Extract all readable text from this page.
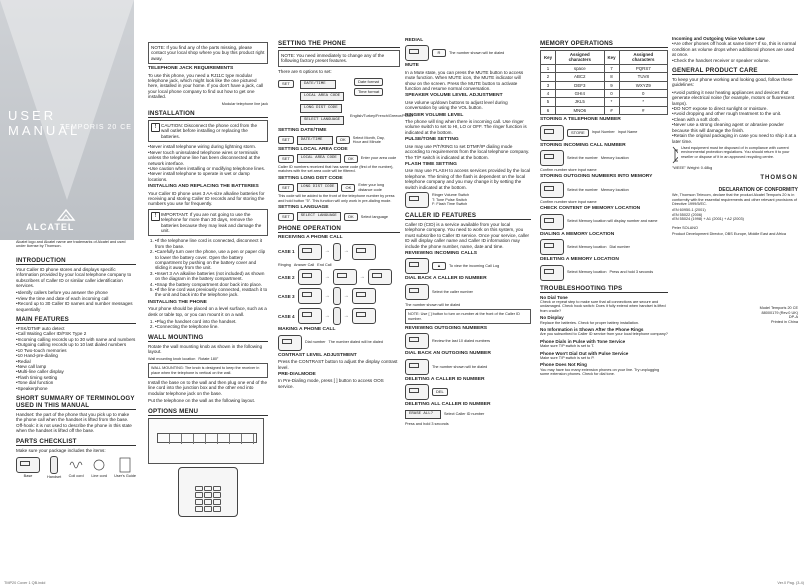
USER MANUAL
TEMPORIS 20 CE
ALCATEL

Alcatel logo and Alcatel name are trademarks of Alcatel and used under license by Thomson.

INTRODUCTION

Your Caller ID phone stores and displays specific information provided by your local telephone company to subscribers of Caller ID or similar caller identification services.

• Identify callers before you answer the phone
• View the time and date of each incoming call
• Record up to 30 Caller ID names and number messages sequentially
MAIN FEATURES
• FSK/DTMF auto detect
• Call Waiting Caller ID/FSK Type 2
• Incoming calling records up to 30 with name and numbers
• Outgoing calling records up to 10 last dialed numbers
• 10 Two-touch memories
• 10 Hand-pre-dialing
• Redial
• New call lamp
• Multi-line caller display
• Flash timing setting
• Tone dial function
• Speakerphone
SHORT SUMMARY OF TERMINOLOGY USED IN THIS MANUAL

Handset: the part of the phone that you pick up to make the phone call when the handset is lifted from the base. Off-hook: it is not used to describe the phone in this state when the handset is lifted off the base.

PARTS CHECKLIST

Make sure your package includes the items:

Base	Handset Coil cord Line cord User's Guide
NOTE: If you find any of the parts missing, please contact your local shop where you buy this product right away.
TELEPHONE JACK REQUIREMENTS

To use this phone, you need a RJ11C type modular telephone jack, which might look like the one pictured here, installed in your home. If you don't have a jack, call your local phone company to find out how to get one installed.

Modular telephone line jack

INSTALLATION
! CAUTION: Disconnect the phone cord from the wall outlet before installing or replacing the batteries.
• Never install telephone wiring during lightning storm.
• Never touch uninsulated telephone wires or terminals unless the telephone line has been disconnected at the network interface.
• Use caution when installing or modifying telephone lines.
• Never install telephone to operate in wet or damp locations.
INSTALLING AND REPLACING THE BATTERIES

Your Caller ID phone uses 3 AA-size alkaline batteries for receiving and storing Caller ID records and for storing the numbers you use for frequently.

! IMPORTANT: If you are not going to use the telephone for more than 30 days, remove the batteries because they may leak and damage the unit.
• 1. If the telephone line cord is connected, disconnect it from the base.
• 2. Carefully turn over the phone, use a pen or paper clip to lower the battery cover. Open the battery compartment by pushing on the battery cover and sliding it away from the unit.
• 3. Insert 3 AA alkaline batteries (not included) as shown on the diagram in the battery compartment.
• 4. Snap the battery compartment door back into place.
• 5. If the line cord was previously connected, reattach it to the unit and back into the telephone jack.
INSTALLING THE PHONE

Your phone should be placed on a level surface, such as a desk or table top, or you can mount it on a wall.

• 1. Plug the handset cord into the handset.
• 2. Connecting the telephone line.
WALL MOUNTING

Rotate the wall mounting knob as shown in the following layout.

Wall mounting knob location Rotate 180°
WALL MOUNTING: The knob is designed to keep the receiver in place when the telephone is vertical on the wall.

Install the base on to the wall and then plug one end of the line cord into the junction box and the other end into modular telephone jack on the base.

Put the telephone on the wall as the following layout.

OPTIONS MENU
SETTING THE PHONE
NOTE: You need immediately to change any of the following factory preset features.

There are 6 options to set:

SET	DATE/TIME
LOCAL AREA CODE
LONG DIST CODE
SELECT LANGUAGE
Date format
Time format
English/Turkey/French/Greece/Polish
SETTING DATE/TIME
SET	DATE/TIME	OK	Select Month, Day, Hour and Minute
SETTING LOCAL AREA CODE
SET	LOCAL AREA CODE	OK	Enter your area code

Caller ID numbers received that has same code (first of the number), matches with the set area code will be filtered.

SETTING LONG DIST CODE
SET	LONG DIST CODE	OK	Enter your long distance code

This code will be added to the front of the telephone number by press and hold button "5". This function will only work in pre-dialing mode.

SETTING LANGUAGE
SET	SELECT LANGUAGE	OK	Select language
PHONE OPERATION
RECEIVING A PHONE CALL
CASE 1	→	→
Ringing Answer Call End Call
CASE 2	→	→
CASE 3	→	→
CASE 4	→	→
MAKING A PHONE CALL
Dial number The number dialed will be dialed
CONTRAST LEVEL ADJUSTMENT

Press the CONTRAST button to adjust the display contrast level.

PRE-DIALMODE

In Pre-Dialing mode, press [ ] button to access OOS service.

REDIAL
R	The number shown will be dialed
MUTE

In a Mute state, you can press the MUTE button to access mute function. When MUTE icon, the MUTE indicator will show on the screen. Press the MUTE button to activate function and resume normal conversation.

SPEAKER VOLUME LEVEL ADJUSTMENT

Use volume up/down buttons to adjust level during conversation by using the VOL button.

RINGER VOLUME LEVEL

The phone will ring when there is incoming call. Use ringer volume switch to set to HI, LO or OFF. The ringer function is indicated at the bottom.

PULSE/TONE SETTING

Use may use P/T/RING to set DTMF/IP dialing mode according to requirements from the local telephone company. The T/P switch is indicated at the bottom.

FLASH TIME SETTING

Use may use FLASH to access services provided by the local telephone. The timing of the flash is dependent on the local telephone company and you may change it by setting the switch indicated at the bottom.

Ringer Volume Switch
T: Tone Pulse Switch
F: Flash Time Switch
CALLER ID FEATURES

Caller ID (CID) is a service available from your local telephone company. You need to work on this system, you must subscribe to Caller ID service. Once your service, caller ID will display caller name and Caller ID information may include the phone number, name, date and time.

REVIEWING INCOMING CALLS
▲	To view the incoming Call Log
DIAL BACK A CALLER ID NUMBER
Select the caller number
The number shown will be dialed
NOTE: Use [ ] button to turn on number at the front of the Caller ID number.
REVIEWING OUTGOING NUMBERS
Review the last 10 dialed numbers
DIAL BACK AN OUTGOING NUMBER
The number shown will be dialed
DELETING A CALLER ID NUMBER
DEL
DELETING ALL CALLER ID NUMBER
ERASE ALL?	Select Caller ID number
Press and hold 3 seconds
MEMORY OPERATIONS
Key	Assigned characters	Key	Assigned characters
1	space	7	PQRS7
2	ABC2	8	TUV8
3	DEF3	9	WXYZ9
4	GHI4	0	0
5	JKL5	*	*
6	MNO6	#	#
STORING A TELEPHONE NUMBER
STORE	Input Number Input Name
STORING INCOMING CALL NUMBER
Select the number Memory location

Confirm number store input name

STORING OUTGOING NUMBERS INTO MEMORY
Select the number Memory location

Confirm number store input name

CHECK CONTENT OF MEMORY LOCATION
Select Memory location will display number and name
DIALING A MEMORY LOCATION
Select Memory location Dial number
DELETING A MEMORY LOCATION
Select Memory location Press and hold 3 seconds
TROUBLESHOOTING TIPS
No Dial Tone

Check or repeat step to make sure that all connections are secure and undamaged. Check hook switch: Does it fully extend when handset is lifted from cradle?

No Display

Replace the batteries. Check for proper battery installation.

No Information is Shown After the Phone Rings

Are you subscribed to Caller ID service from your local telephone company?

Phone Dials in Pulse with Tone Service

Make sure T/P switch is set to T.

Phone Won't Dial Out with Pulse Service

Make sure T/P switch is set to P.

Phone Does Not Ring

You may have too many extension phones on your line. Try unplugging some extension phones. Check for dial tone.

Incoming and Outgoing Voice Volume Low
• Are other phones off hook at same time? If so, this is normal condition as volume drops when additional phones are used at once.
• Check the handset receiver or speaker volume.
GENERAL PRODUCT CARE

To keep your phone working and looking good, follow these guidelines:

• Avoid putting it near heating appliances and devices that generate electrical noise (for example, motors or fluorescent lamps).
• DO NOT expose to direct sunlight or moisture.
• Avoid dropping and other rough treatment to the unit.
• Clean with a soft cloth.
• Never use a strong cleaning agent or abrasive powder because this will damage the finish.
• Retain the original packaging in case you need to ship it at a later time.

Used equipment must be disposed of in compliance with current environmental protection regulations. You should return it to your reseller or dispose of it in an approved recycling centre.

"WEEE" Weight: 0.48kg

THOMSON
DECLARATION OF CONFORMITY

We, Thomson Telecom, declare that the product Alcatel Temporis 20 is in conformity with the essential requirements and other relevant provisions of Directive 1999/5/EC.

• EN 60950-1 (2001)
• EN 55022 (2006)
• EN 55024 (1998) + A1 (2001) + A2 (2003)

Peter SOLANO

Product Development Director, OBS Europe, Middle East and Africa

Model Temporis 20 CE
88000179 (Rev.0 UK)
DP-A
Printed in China
TMP20 Cover 1 QB.indd	Ver.0 Pag. (3-4)
